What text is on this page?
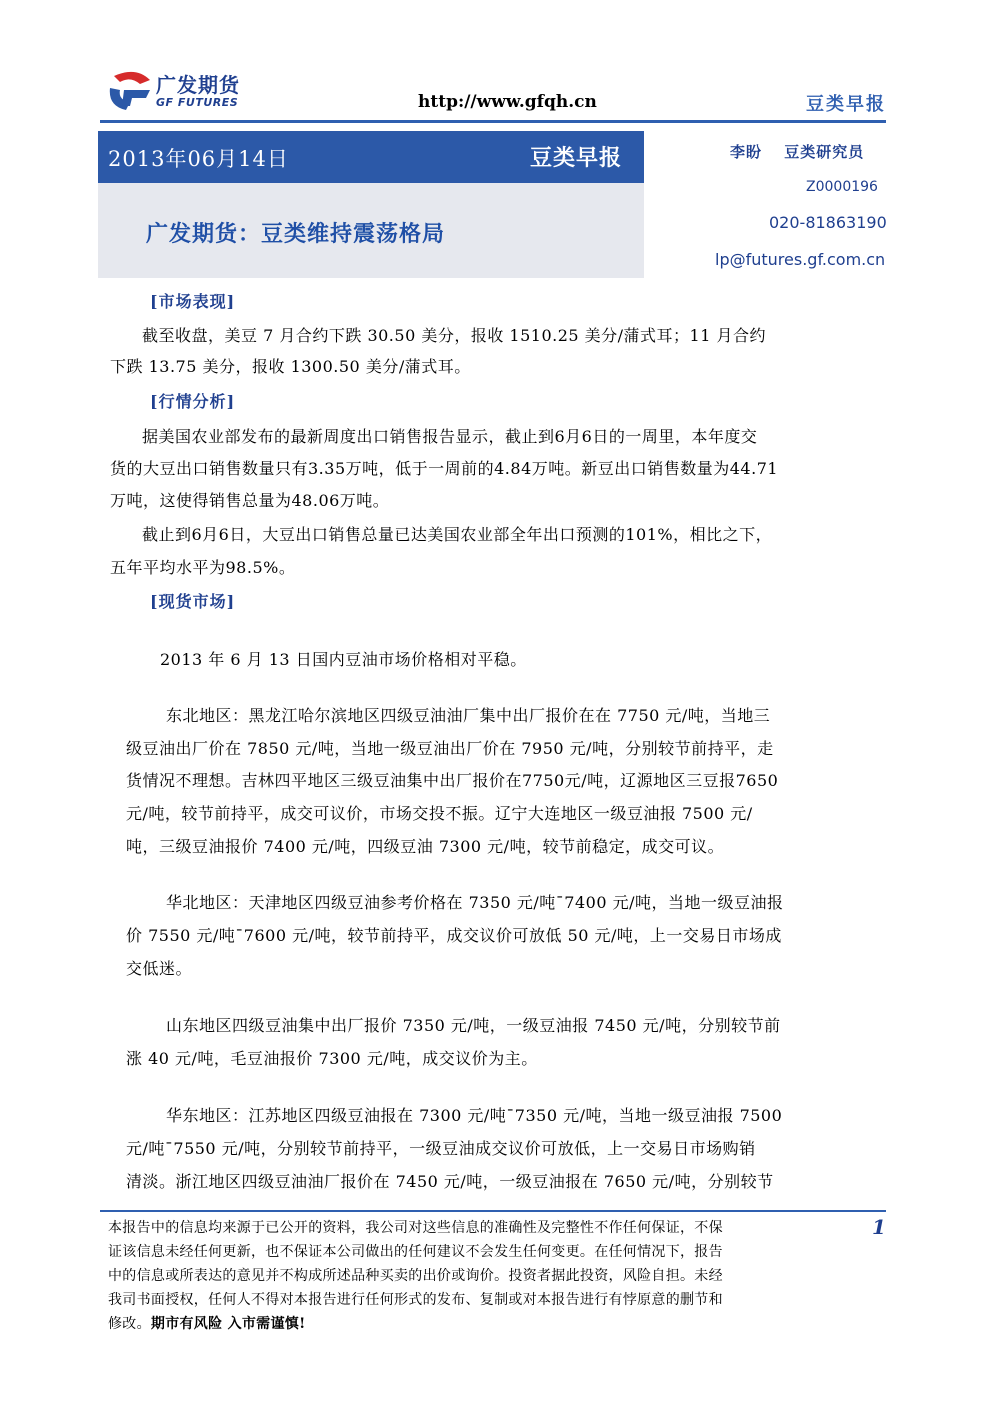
广发期货
GF FUTURES	http://www.gfqh.cn	豆类早报
2013年06月14日	豆类早报
广发期货：豆类维持震荡格局
李盼　 豆类研究员
Z0000196
020-81863190
lp@futures.gf.com.cn
[市场表现]
截至收盘，美豆 7 月合约下跌 30.50 美分，报收 1510.25 美分/蒲式耳；11 月合约
下跌 13.75 美分，报收 1300.50 美分/蒲式耳。
[行情分析]
据美国农业部发布的最新周度出口销售报告显示，截止到6月6日的一周里，本年度交
货的大豆出口销售数量只有3.35万吨，低于一周前的4.84万吨。新豆出口销售数量为44.71
万吨，这使得销售总量为48.06万吨。
截止到6月6日，大豆出口销售总量已达美国农业部全年出口预测的101%，相比之下，
五年平均水平为98.5%。
[现货市场]
2013 年 6 月 13 日国内豆油市场价格相对平稳。
东北地区：黑龙江哈尔滨地区四级豆油油厂集中出厂报价在在 7750 元/吨，当地三
级豆油出厂价在 7850 元/吨，当地一级豆油出厂价在 7950 元/吨，分别较节前持平，走
货情况不理想。吉林四平地区三级豆油集中出厂报价在7750元/吨，辽源地区三豆报7650
元/吨，较节前持平，成交可议价，市场交投不振。辽宁大连地区一级豆油报 7500 元/
吨，三级豆油报价 7400 元/吨，四级豆油 7300 元/吨，较节前稳定，成交可议。
华北地区：天津地区四级豆油参考价格在 7350 元/吨¯7400 元/吨，当地一级豆油报
价 7550 元/吨¯7600 元/吨，较节前持平，成交议价可放低 50 元/吨，上一交易日市场成
交低迷。
山东地区四级豆油集中出厂报价 7350 元/吨，一级豆油报 7450 元/吨，分别较节前
涨 40 元/吨，毛豆油报价 7300 元/吨，成交议价为主。
华东地区：江苏地区四级豆油报在 7300 元/吨¯7350 元/吨，当地一级豆油报 7500
元/吨¯7550 元/吨，分别较节前持平，一级豆油成交议价可放低，上一交易日市场购销
清淡。浙江地区四级豆油油厂报价在 7450 元/吨，一级豆油报在 7650 元/吨，分别较节
本报告中的信息均来源于已公开的资料，我公司对这些信息的准确性及完整性不作任何保证，不保
证该信息未经任何更新，也不保证本公司做出的任何建议不会发生任何变更。在任何情况下，报告
中的信息或所表达的意见并不构成所述品种买卖的出价或询价。投资者据此投资，风险自担。未经
我司书面授权，任何人不得对本报告进行任何形式的发布、复制或对本报告进行有悖原意的删节和
修改。期市有风险 入市需谨慎!
1
